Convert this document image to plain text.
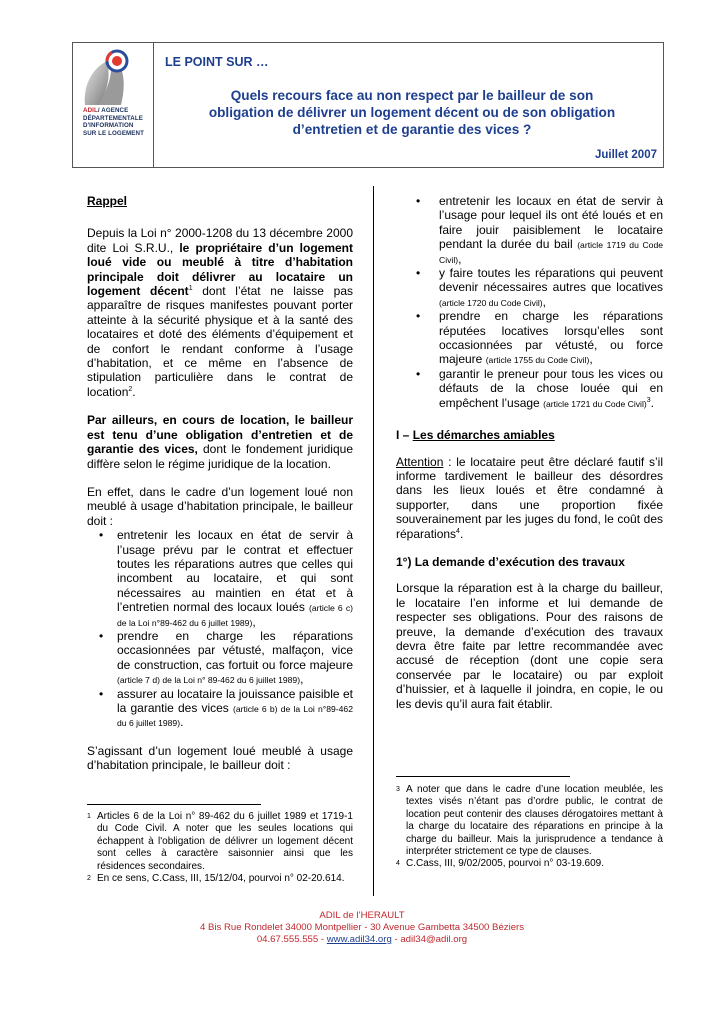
ADIL/ AGENCE
DÉPARTEMENTALE
D'INFORMATION
SUR LE LOGEMENT
LE POINT SUR …
Quels recours face au non respect par le bailleur de son
obligation de délivrer un logement décent ou de son obligation
d’entretien et de garantie des vices ?
Juillet 2007
Rappel

Depuis la Loi n° 2000-1208 du 13 décembre 2000 dite Loi S.R.U., le propriétaire d’un logement loué vide ou meublé à titre d’habitation principale doit délivrer au locataire un logement décent$^1$ dont l’état ne laisse pas apparaître de risques manifestes pouvant porter atteinte à la sécurité physique et à la santé des locataires et doté des éléments d’équipement et de confort le rendant conforme à l’usage d’habitation, et ce même en l’absence de stipulation particulière dans le contrat de location$^2$.

Par ailleurs, en cours de location, le bailleur est tenu d’une obligation d’entretien et de garantie des vices, dont le fondement juridique diffère selon le régime juridique de la location.

En effet, dans le cadre d’un logement loué non meublé à usage d’habitation principale, le bailleur doit :

• entretenir les locaux en état de servir à l’usage prévu par le contrat et effectuer toutes les réparations autres que celles qui incombent au locataire, et qui sont nécessaires au maintien en état et à l’entretien normal des locaux loués (article 6 c) de la Loi n°89-462 du 6 juillet 1989),
• prendre en charge les réparations occasionnées par vétusté, malfaçon, vice de construction, cas fortuit ou force majeure (article 7 d) de la Loi n° 89-462 du 6 juillet 1989),
• assurer au locataire la jouissance paisible et la garantie des vices (article 6 b) de la Loi n°89-462 du 6 juillet 1989).

S’agissant d’un logement loué meublé à usage d’habitation principale, le bailleur doit :

• entretenir les locaux en état de servir à l’usage pour lequel ils ont été loués et en faire jouir paisiblement le locataire pendant la durée du bail (article 1719 du Code Civil),
• y faire toutes les réparations qui peuvent devenir nécessaires autres que locatives (article 1720 du Code Civil),
• prendre en charge les réparations réputées locatives lorsqu’elles sont occasionnées par vétusté, ou force majeure (article 1755 du Code Civil),
• garantir le preneur pour tous les vices ou défauts de la chose louée qui en empêchent l’usage (article 1721 du Code Civil)$^3$.
I – Les démarches amiables

Attention : le locataire peut être déclaré fautif s’il informe tardivement le bailleur des désordres dans les lieux loués et être condamné à supporter, dans une proportion fixée souverainement par les juges du fond, le coût des réparations$^4$.

1°) La demande d’exécution des travaux

Lorsque la réparation est à la charge du bailleur, le locataire l’en informe et lui demande de respecter ses obligations. Pour des raisons de preuve, la demande d’exécution des travaux devra être faite par lettre recommandée avec accusé de réception (dont une copie sera conservée par le locataire) ou par exploit d’huissier, et à laquelle il joindra, en copie, le ou les devis qu’il aura fait établir.

1 Articles 6 de la Loi n° 89-462 du 6 juillet 1989 et 1719-1 du Code Civil. A noter que les seules locations qui échappent à l'obligation de délivrer un logement décent sont celles à caractère saisonnier ainsi que les résidences secondaires.
2 En ce sens, C.Cass, III, 15/12/04, pourvoi n° 02-20.614.
3 A noter que dans le cadre d’une location meublée, les textes visés n’étant pas d’ordre public, le contrat de location peut contenir des clauses dérogatoires mettant à la charge du locataire des réparations en principe à la charge du bailleur. Mais la jurisprudence a tendance à interpréter strictement ce type de clauses.
4 C.Cass, III, 9/02/2005, pourvoi n° 03-19.609.
ADIL de l’HERAULT
4 Bis Rue Rondelet 34000 Montpellier - 30 Avenue Gambetta 34500 Béziers
04.67.555.555 - www.adil34.org - adil34@adil.org
